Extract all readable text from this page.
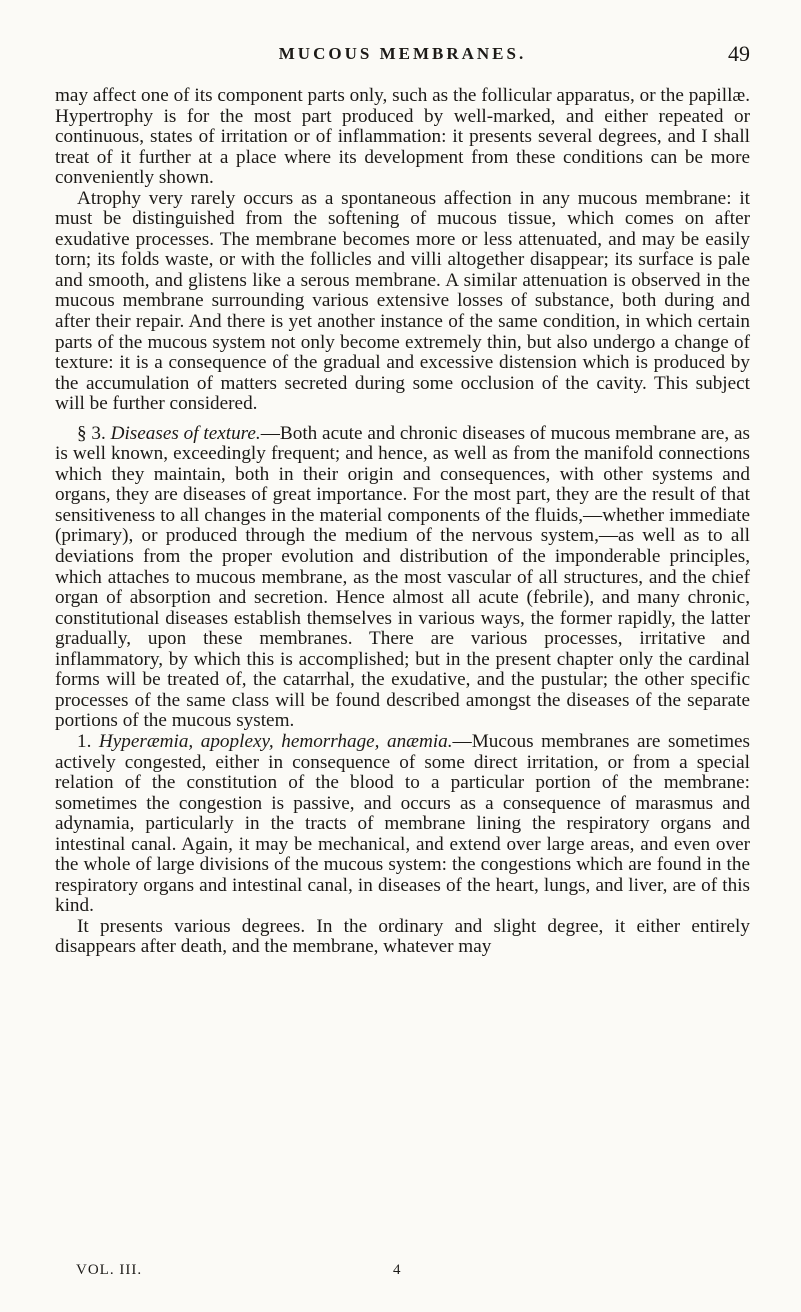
MUCOUS MEMBRANES.	49

may affect one of its component parts only, such as the follicular apparatus, or the papillæ. Hypertrophy is for the most part produced by well-marked, and either repeated or continuous, states of irritation or of inflammation: it presents several degrees, and I shall treat of it further at a place where its development from these conditions can be more conveniently shown.

Atrophy very rarely occurs as a spontaneous affection in any mucous membrane: it must be distinguished from the softening of mucous tissue, which comes on after exudative processes. The membrane becomes more or less attenuated, and may be easily torn; its folds waste, or with the follicles and villi altogether disappear; its surface is pale and smooth, and glistens like a serous membrane. A similar attenuation is observed in the mucous membrane surrounding various extensive losses of substance, both during and after their repair. And there is yet another instance of the same condition, in which certain parts of the mucous system not only become extremely thin, but also undergo a change of texture: it is a consequence of the gradual and excessive distension which is produced by the accumulation of matters secreted during some occlusion of the cavity. This subject will be further considered.

§ 3. Diseases of texture.—Both acute and chronic diseases of mucous membrane are, as is well known, exceedingly frequent; and hence, as well as from the manifold connections which they maintain, both in their origin and consequences, with other systems and organs, they are diseases of great importance. For the most part, they are the result of that sensitiveness to all changes in the material components of the fluids,—whether immediate (primary), or produced through the medium of the nervous system,—as well as to all deviations from the proper evolution and distribution of the imponderable principles, which attaches to mucous membrane, as the most vascular of all structures, and the chief organ of absorption and secretion. Hence almost all acute (febrile), and many chronic, constitutional diseases establish themselves in various ways, the former rapidly, the latter gradually, upon these membranes. There are various processes, irritative and inflammatory, by which this is accomplished; but in the present chapter only the cardinal forms will be treated of, the catarrhal, the exudative, and the pustular; the other specific processes of the same class will be found described amongst the diseases of the separate portions of the mucous system.

1. Hyperæmia, apoplexy, hemorrhage, anæmia.—Mucous membranes are sometimes actively congested, either in consequence of some direct irritation, or from a special relation of the constitution of the blood to a particular portion of the membrane: sometimes the congestion is passive, and occurs as a consequence of marasmus and adynamia, particularly in the tracts of membrane lining the respiratory organs and intestinal canal. Again, it may be mechanical, and extend over large areas, and even over the whole of large divisions of the mucous system: the congestions which are found in the respiratory organs and intestinal canal, in diseases of the heart, lungs, and liver, are of this kind.

It presents various degrees. In the ordinary and slight degree, it either entirely disappears after death, and the membrane, whatever may

VOL. III.	4
